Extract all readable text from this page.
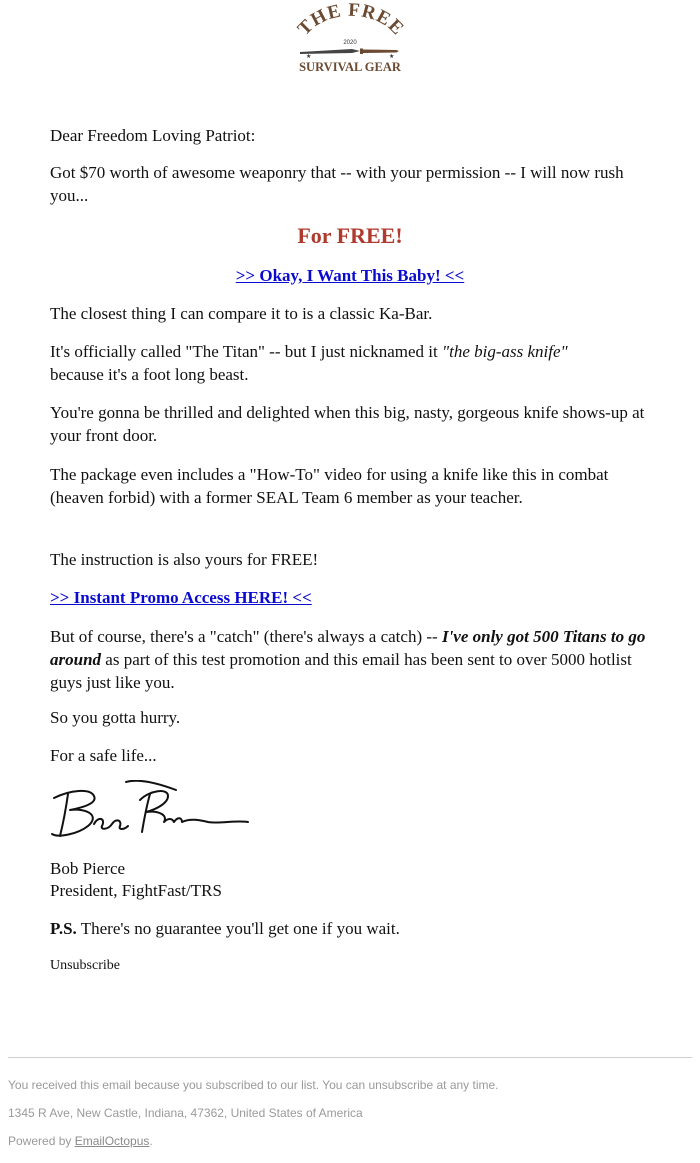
THE FREE
2020
★	★
SURVIVAL GEAR
Dear Freedom Loving Patriot:

Got $70 worth of awesome weaponry that -- with your permission -- I will now rush you...

For FREE!

>> Okay, I Want This Baby! <<

The closest thing I can compare it to is a classic Ka-Bar.

It's officially called "The Titan" -- but I just nicknamed it "the big-ass knife" because it's a foot long beast.

You're gonna be thrilled and delighted when this big, nasty, gorgeous knife shows-up at your front door.

The package even includes a "How-To" video for using a knife like this in combat (heaven forbid) with a former SEAL Team 6 member as your teacher.

The instruction is also yours for FREE!

>> Instant Promo Access HERE! <<

But of course, there's a "catch" (there's always a catch) -- I've only got 500 Titans to go around as part of this test promotion and this email has been sent to over 5000 hotlist guys just like you.

So you gotta hurry.

For a safe life...

Bob Pierce

President, FightFast/TRS

P.S. There's no guarantee you'll get one if you wait.

Unsubscribe

You received this email because you subscribed to our list. You can unsubscribe at any time.
1345 R Ave, New Castle, Indiana, 47362, United States of America
Powered by EmailOctopus.
